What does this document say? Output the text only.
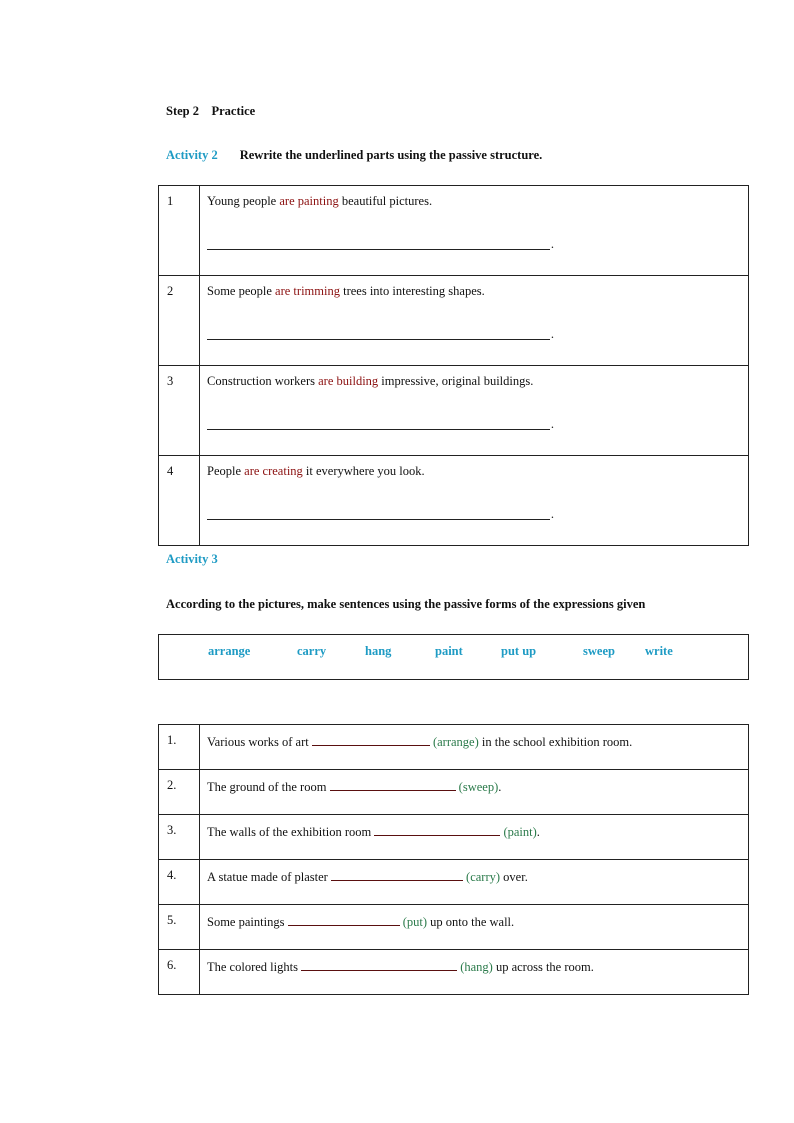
Step 2 Practice
Activity 2 Rewrite the underlined parts using the passive structure.
1	Young people are painting beautiful pictures.
.

2	Some people are trimming trees into interesting shapes.
.

3	Construction workers are building impressive, original buildings.
.

4	People are creating it everywhere you look.
.
Activity 3
According to the pictures, make sentences using the passive forms of the expressions given
arrange	carry	hang	paint	put up	sweep write
1.	Various works of art (arrange) in the school exhibition room.
2.	The ground of the room (sweep).
3.	The walls of the exhibition room (paint).
4.	A statue made of plaster (carry) over.
5.	Some paintings (put) up onto the wall.
6.	The colored lights (hang) up across the room.
